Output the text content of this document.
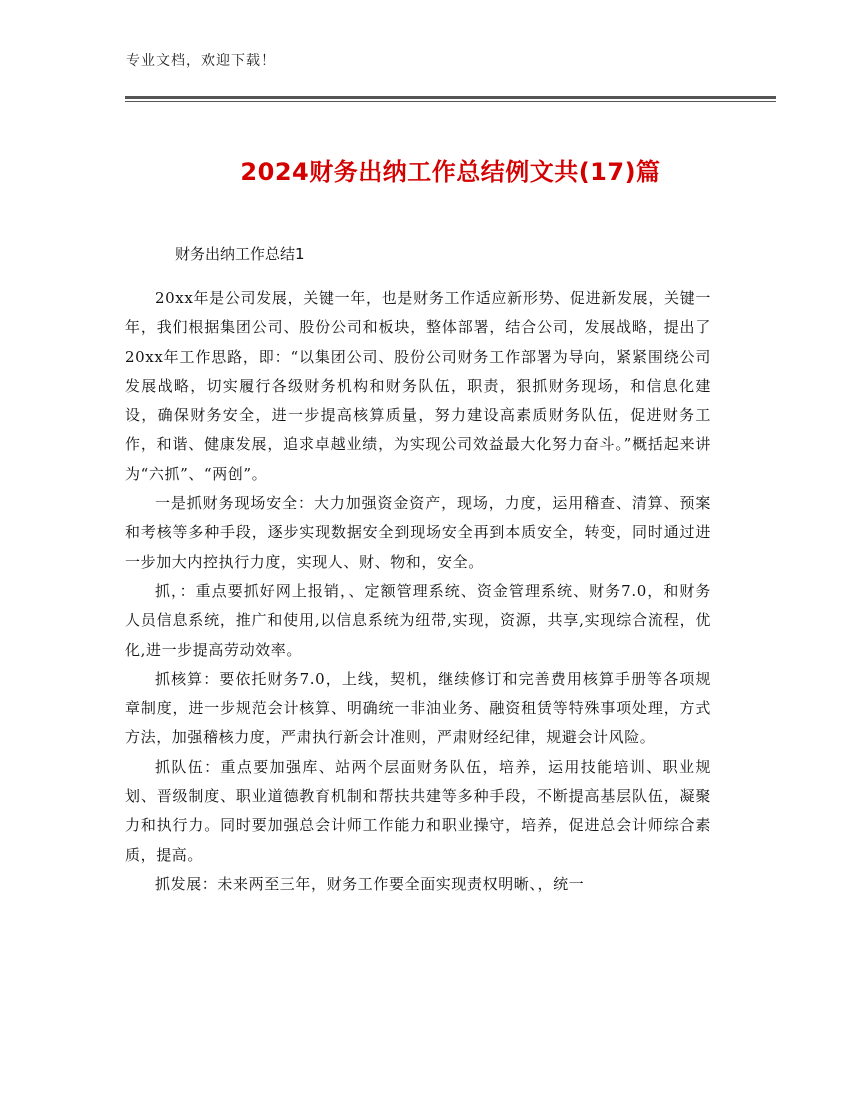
专业文档，欢迎下载！
2024财务出纳工作总结例文共(17)篇
财务出纳工作总结1

20xx年是公司发展，关键一年，也是财务工作适应新形势、促进新发展，关键一年，我们根据集团公司、股份公司和板块，整体部署，结合公司，发展战略，提出了20xx年工作思路，即：“以集团公司、股份公司财务工作部署为导向，紧紧围绕公司发展战略，切实履行各级财务机构和财务队伍，职责，狠抓财务现场，和信息化建设，确保财务安全，进一步提高核算质量，努力建设高素质财务队伍，促进财务工作，和谐、健康发展，追求卓越业绩，为实现公司效益最大化努力奋斗。”概括起来讲为“六抓”、“两创”。

一是抓财务现场安全：大力加强资金资产，现场，力度，运用稽查、清算、预案和考核等多种手段，逐步实现数据安全到现场安全再到本质安全，转变，同时通过进一步加大内控执行力度，实现人、财、物和，安全。

抓，：重点要抓好网上报销，、定额管理系统、资金管理系统、财务7.0，和财务人员信息系统，推广和使用,以信息系统为纽带,实现，资源，共享,实现综合流程，优化,进一步提高劳动效率。

抓核算：要依托财务7.0，上线，契机，继续修订和完善费用核算手册等各项规章制度，进一步规范会计核算、明确统一非油业务、融资租赁等特殊事项处理，方式方法，加强稽核力度，严肃执行新会计准则，严肃财经纪律，规避会计风险。

抓队伍：重点要加强库、站两个层面财务队伍，培养，运用技能培训、职业规划、晋级制度、职业道德教育机制和帮扶共建等多种手段，不断提高基层队伍，凝聚力和执行力。同时要加强总会计师工作能力和职业操守，培养，促进总会计师综合素质，提高。

抓发展：未来两至三年，财务工作要全面实现责权明晰、，统一
